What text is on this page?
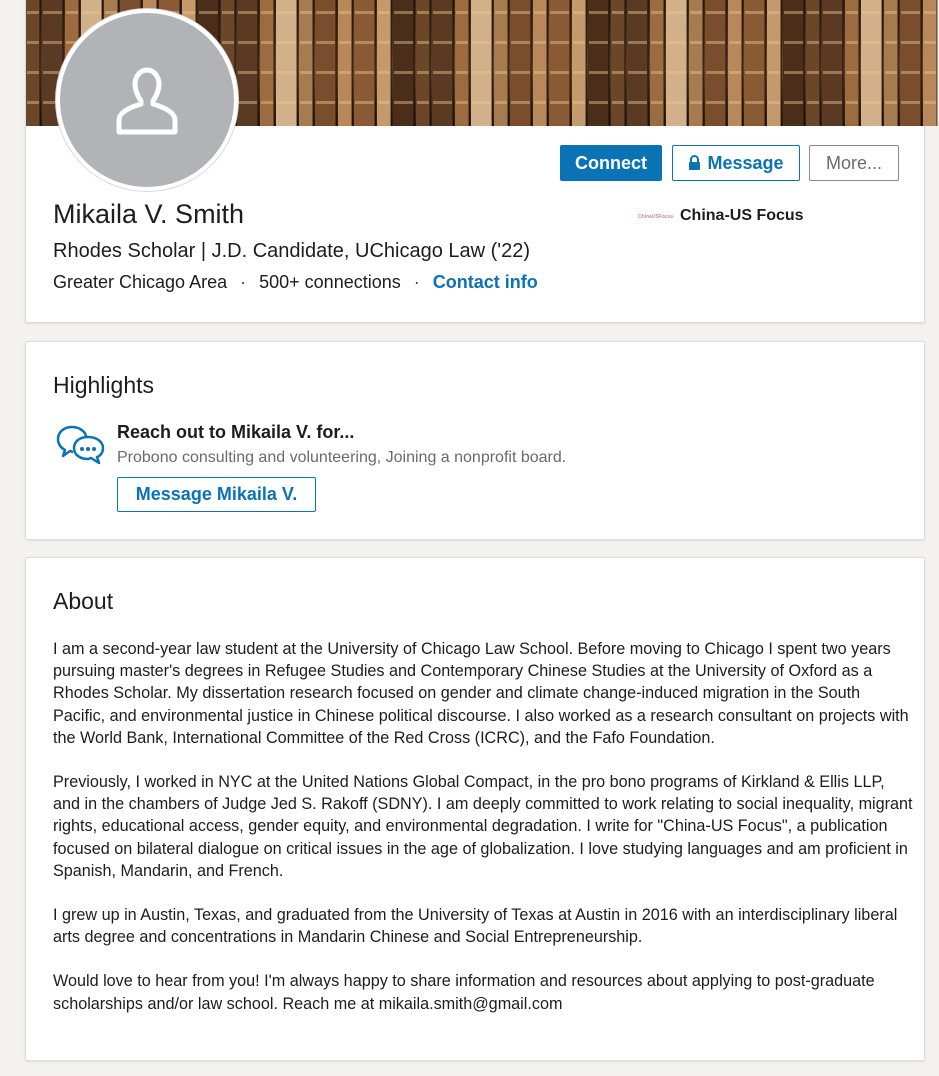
Connect	Message	More...
Mikaila V. Smith
Rhodes Scholar | J.D. Candidate, UChicago Law ('22)
Greater Chicago Area · 500+ connections · Contact info
ChinaUSFocus China-US Focus
Highlights
Reach out to Mikaila V. for...
Probono consulting and volunteering, Joining a nonprofit board.
Message Mikaila V.
About

I am a second-year law student at the University of Chicago Law School. Before moving to Chicago I spent two years pursuing master's degrees in Refugee Studies and Contemporary Chinese Studies at the University of Oxford as a Rhodes Scholar. My dissertation research focused on gender and climate change-induced migration in the South Pacific, and environmental justice in Chinese political discourse. I also worked as a research consultant on projects with the World Bank, International Committee of the Red Cross (ICRC), and the Fafo Foundation.

Previously, I worked in NYC at the United Nations Global Compact, in the pro bono programs of Kirkland & Ellis LLP, and in the chambers of Judge Jed S. Rakoff (SDNY). I am deeply committed to work relating to social inequality, migrant rights, educational access, gender equity, and environmental degradation. I write for "China-US Focus", a publication focused on bilateral dialogue on critical issues in the age of globalization. I love studying languages and am proficient in Spanish, Mandarin, and French.

I grew up in Austin, Texas, and graduated from the University of Texas at Austin in 2016 with an interdisciplinary liberal arts degree and concentrations in Mandarin Chinese and Social Entrepreneurship.

Would love to hear from you! I'm always happy to share information and resources about applying to post-graduate scholarships and/or law school. Reach me at mikaila.smith@gmail.com
